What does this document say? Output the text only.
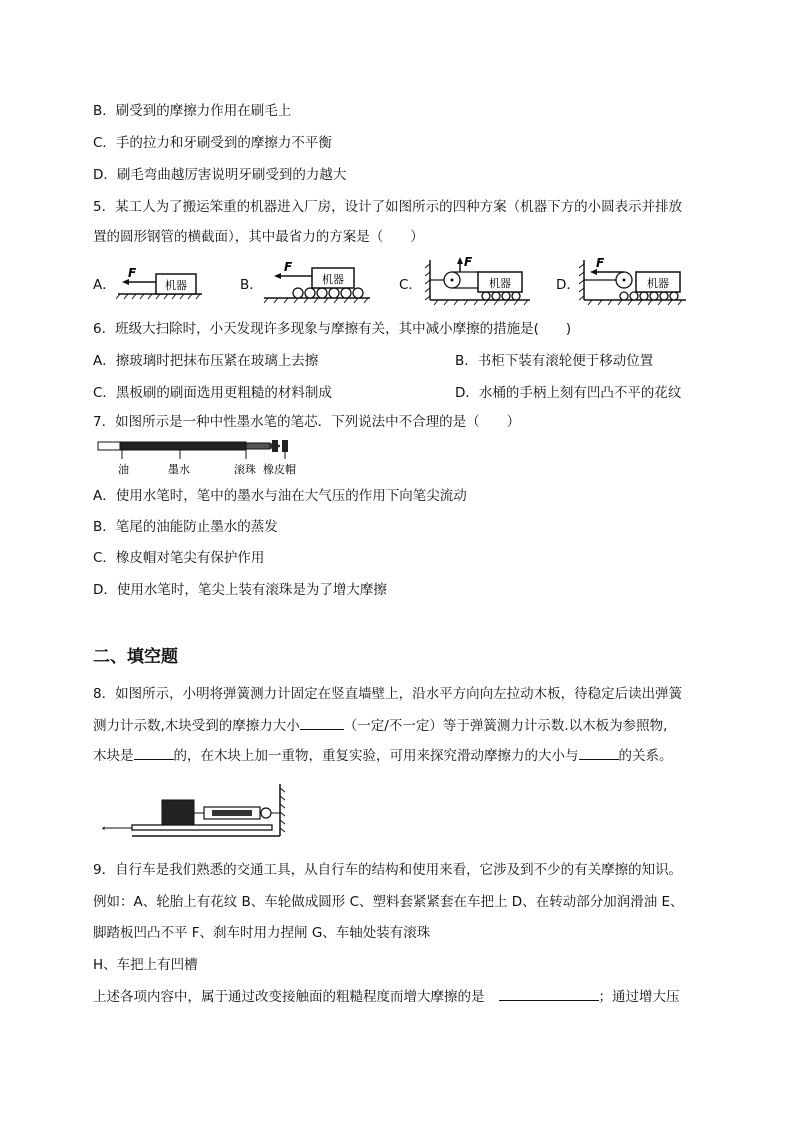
B．刷受到的摩擦力作用在刷毛上
C．手的拉力和牙刷受到的摩擦力不平衡
D．刷毛弯曲越厉害说明牙刷受到的力越大
5．某工人为了搬运笨重的机器进入厂房，设计了如图所示的四种方案（机器下方的小圆表示并排放
置的圆形钢管的横截面），其中最省力的方案是（　　）
A．	机器
F
B．	机器
F
C．
F
机器	D．
F
机器
6．班级大扫除时，小天发现许多现象与摩擦有关，其中减小摩擦的措施是(　　)
A．擦玻璃时把抹布压紧在玻璃上去擦	B．书柜下装有滚轮便于移动位置
C．黑板刷的刷面选用更粗糙的材料制成	D．水桶的手柄上刻有凹凸不平的花纹
7．如图所示是一种中性墨水笔的笔芯．下列说法中不合理的是（　　）
油	墨水	滚珠 橡皮帽
A．使用水笔时，笔中的墨水与油在大气压的作用下向笔尖流动
B．笔尾的油能防止墨水的蒸发
C．橡皮帽对笔尖有保护作用
D．使用水笔时，笔尖上装有滚珠是为了增大摩擦
二、填空题
8．如图所示，小明将弹簧测力计固定在竖直墙壁上，沿水平方向向左拉动木板，待稳定后读出弹簧
测力计示数,木块受到的摩擦力大小	（一定/不一定）等于弹簧测力计示数.以木板为参照物,
木块是	的，在木块上加一重物，重复实验，可用来探究滑动摩擦力的大小与	的关系。
‹
9．自行车是我们熟悉的交通工具，从自行车的结构和使用来看，它涉及到不少的有关摩擦的知识。
例如：A、轮胎上有花纹 B、车轮做成圆形 C、塑料套紧紧套在车把上 D、在转动部分加润滑油 E、
脚踏板凹凸不平 F、刹车时用力捏闸 G、车轴处装有滚珠
H、车把上有凹槽
上述各项内容中，属于通过改变接触面的粗糙程度而增大摩擦的是	；通过增大压
